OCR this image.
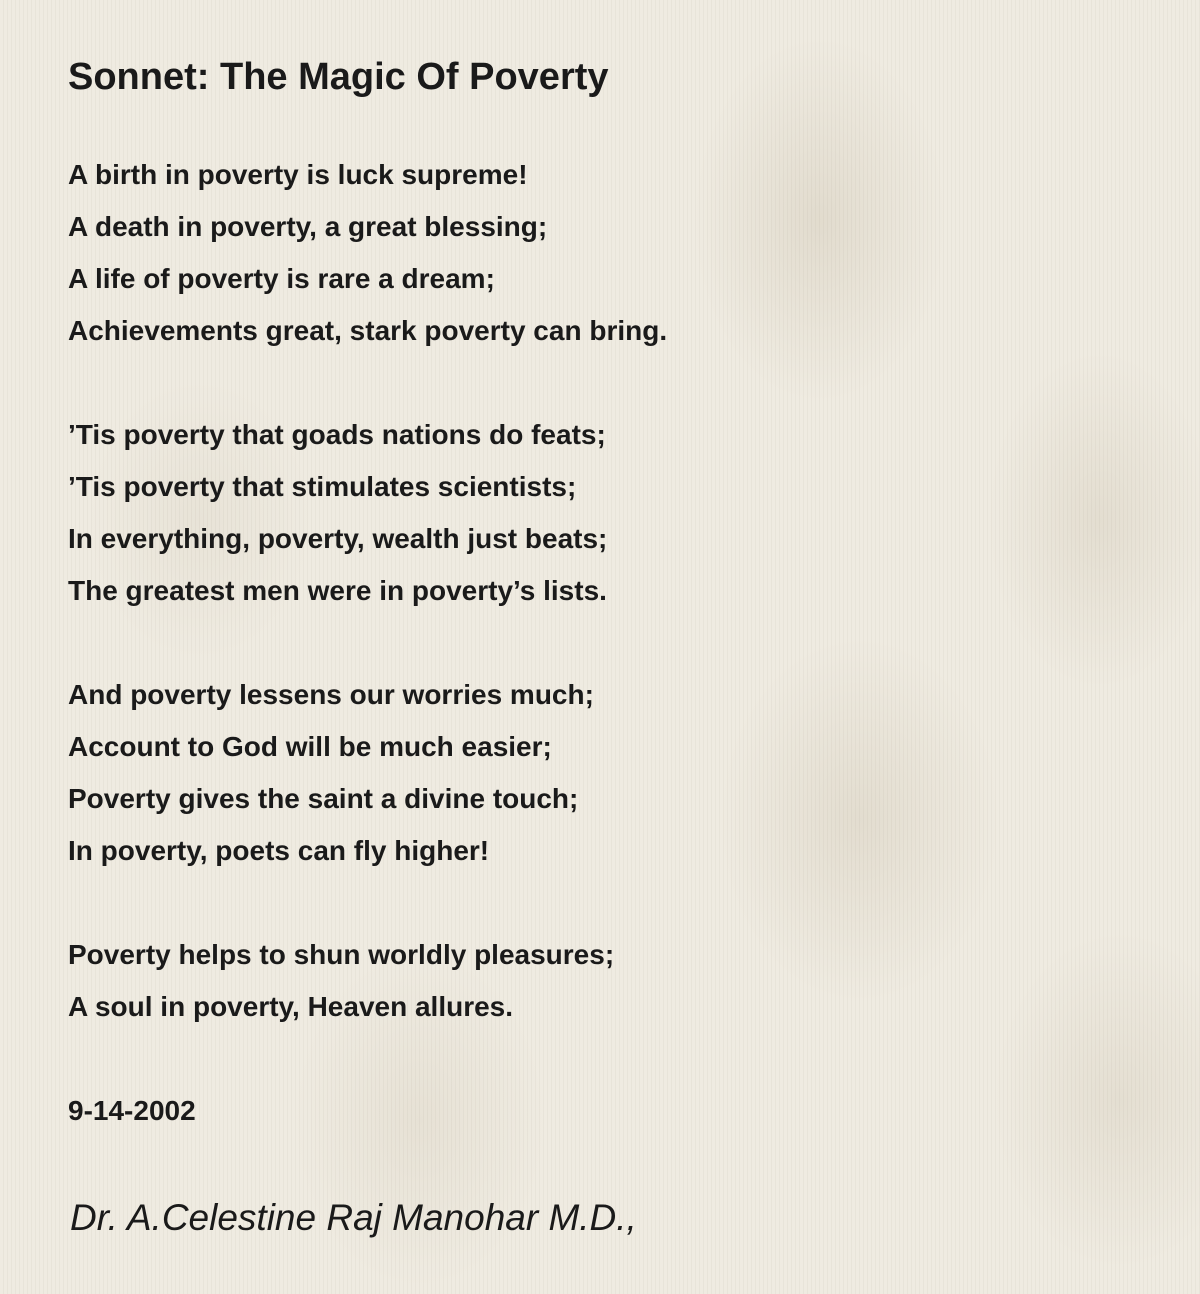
Sonnet: The Magic Of Poverty
A birth in poverty is luck supreme!
A death in poverty, a great blessing;
A life of poverty is rare a dream;
Achievements great, stark poverty can bring.
’Tis poverty that goads nations do feats;
’Tis poverty that stimulates scientists;
In everything, poverty, wealth just beats;
The greatest men were in poverty’s lists.
And poverty lessens our worries much;
Account to God will be much easier;
Poverty gives the saint a divine touch;
In poverty, poets can fly higher!
Poverty helps to shun worldly pleasures;
A soul in poverty, Heaven allures.
9-14-2002
Dr. A.Celestine Raj Manohar M.D.,
